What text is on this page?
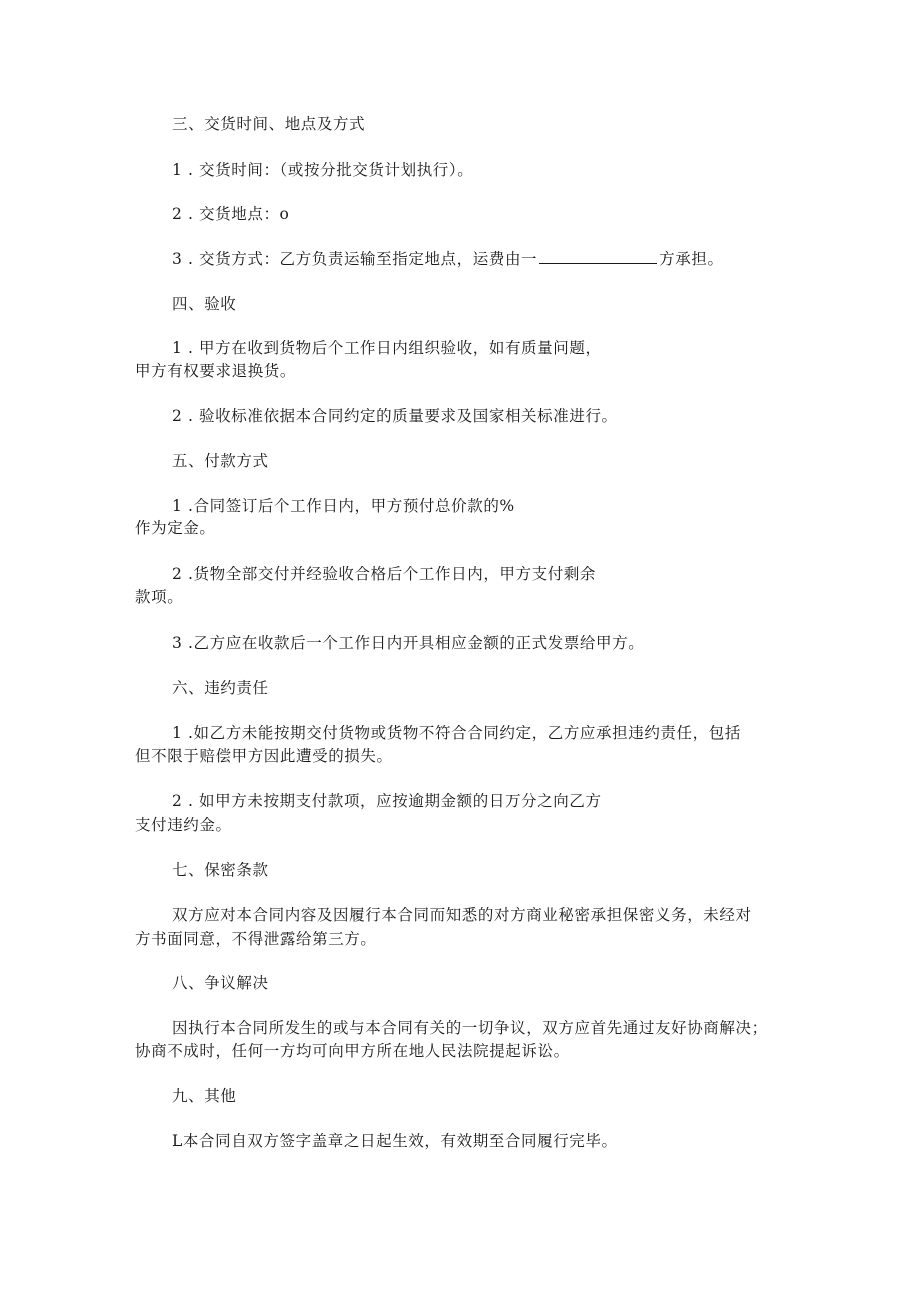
三、交货时间、地点及方式
1 . 交货时间：（或按分批交货计划执行）。
2 . 交货地点：o
3 . 交货方式：乙方负责运输至指定地点，运费由一	方承担。
四、验收
1 . 甲方在收到货物后个工作日内组织验收，如有质量问题，
甲方有权要求退换货。
2 . 验收标准依据本合同约定的质量要求及国家相关标准进行。
五、付款方式
1 .合同签订后个工作日内，甲方预付总价款的%
作为定金。
2 .货物全部交付并经验收合格后个工作日内，甲方支付剩余
款项。
3 .乙方应在收款后一个工作日内开具相应金额的正式发票给甲方。
六、违约责任
1 .如乙方未能按期交付货物或货物不符合合同约定，乙方应承担违约责任，包括
但不限于赔偿甲方因此遭受的损失。
2 . 如甲方未按期支付款项，应按逾期金额的日万分之向乙方
支付违约金。
七、保密条款
双方应对本合同内容及因履行本合同而知悉的对方商业秘密承担保密义务，未经对
方书面同意，不得泄露给第三方。
八、争议解决
因执行本合同所发生的或与本合同有关的一切争议，双方应首先通过友好协商解决；
协商不成时，任何一方均可向甲方所在地人民法院提起诉讼。
九、其他
L本合同自双方签字盖章之日起生效，有效期至合同履行完毕。
